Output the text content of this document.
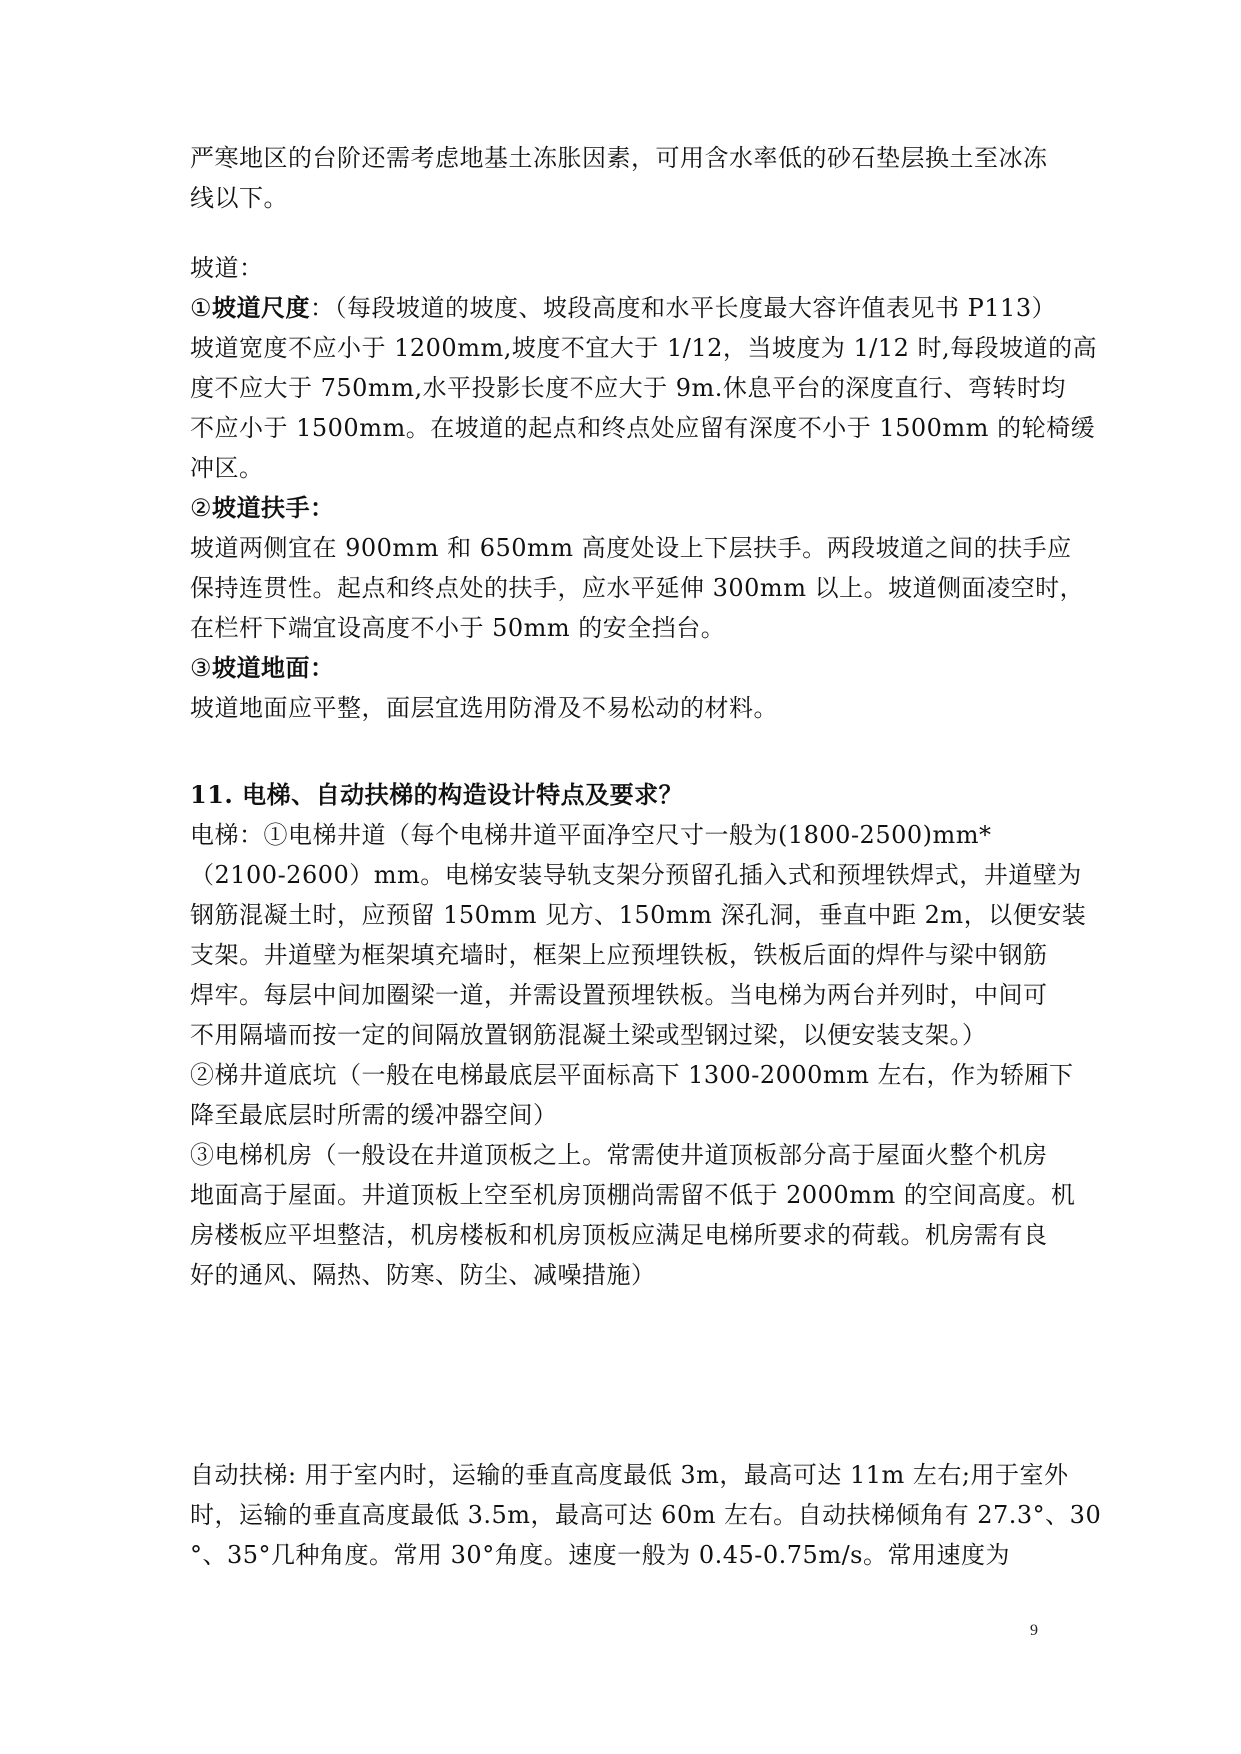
严寒地区的台阶还需考虑地基土冻胀因素，可用含水率低的砂石垫层换土至冰冻
线以下。
坡道：
①坡道尺度：（每段坡道的坡度、坡段高度和水平长度最大容许值表见书 P113）
坡道宽度不应小于 1200mm,坡度不宜大于 1/12，当坡度为 1/12 时,每段坡道的高
度不应大于 750mm,水平投影长度不应大于 9m.休息平台的深度直行、弯转时均
不应小于 1500mm。在坡道的起点和终点处应留有深度不小于 1500mm 的轮椅缓
冲区。
②坡道扶手：
坡道两侧宜在 900mm 和 650mm 高度处设上下层扶手。两段坡道之间的扶手应
保持连贯性。起点和终点处的扶手，应水平延伸 300mm 以上。坡道侧面凌空时，
在栏杆下端宜设高度不小于 50mm 的安全挡台。
③坡道地面：
坡道地面应平整，面层宜选用防滑及不易松动的材料。
11. 电梯、自动扶梯的构造设计特点及要求？
电梯：①电梯井道（每个电梯井道平面净空尺寸一般为(1800-2500)mm*
（2100-2600）mm。电梯安装导轨支架分预留孔插入式和预埋铁焊式，井道壁为
钢筋混凝土时，应预留 150mm 见方、150mm 深孔洞，垂直中距 2m，以便安装
支架。井道壁为框架填充墙时，框架上应预埋铁板，铁板后面的焊件与梁中钢筋
焊牢。每层中间加圈梁一道，并需设置预埋铁板。当电梯为两台并列时，中间可
不用隔墙而按一定的间隔放置钢筋混凝土梁或型钢过梁，以便安装支架。）
②梯井道底坑（一般在电梯最底层平面标高下 1300-2000mm 左右，作为轿厢下
降至最底层时所需的缓冲器空间）
③电梯机房（一般设在井道顶板之上。常需使井道顶板部分高于屋面火整个机房
地面高于屋面。井道顶板上空至机房顶棚尚需留不低于 2000mm 的空间高度。机
房楼板应平坦整洁，机房楼板和机房顶板应满足电梯所要求的荷载。机房需有良
好的通风、隔热、防寒、防尘、减噪措施）
自动扶梯: 用于室内时，运输的垂直高度最低 3m，最高可达 11m 左右;用于室外
时，运输的垂直高度最低 3.5m，最高可达 60m 左右。自动扶梯倾角有 27.3°、30
°、35°几种角度。常用 30°角度。速度一般为 0.45-0.75m/s。常用速度为
9
